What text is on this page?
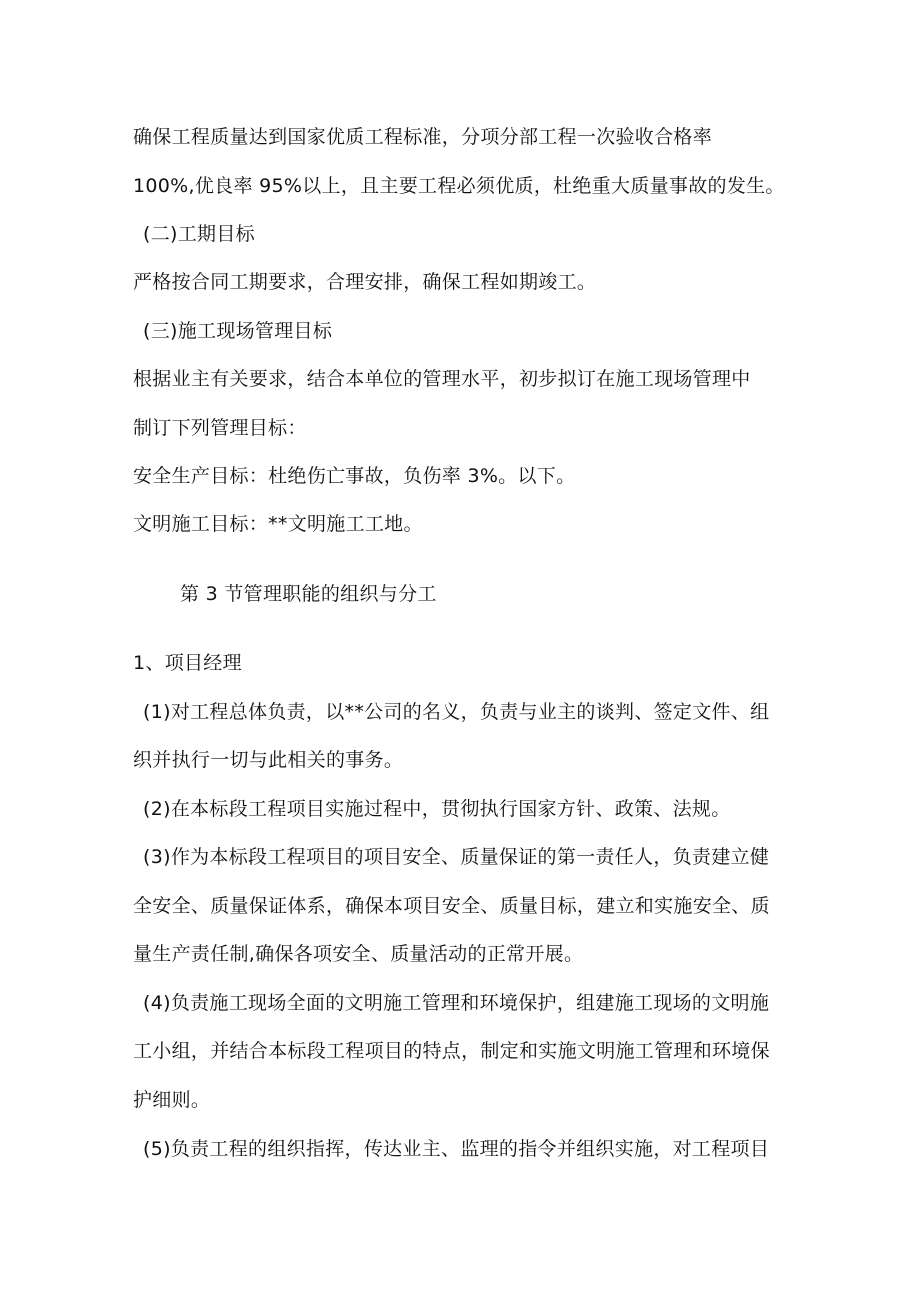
确保工程质量达到国家优质工程标准，分项分部工程一次验收合格率
100%,优良率 95%以上，且主要工程必须优质，杜绝重大质量事故的发生。
(二)工期目标
严格按合同工期要求，合理安排，确保工程如期竣工。
(三)施工现场管理目标
根据业主有关要求，结合本单位的管理水平，初步拟订在施工现场管理中
制订下列管理目标：
安全生产目标：杜绝伤亡事故，负伤率 3%。以下。
文明施工目标：**文明施工工地。
第 3 节管理职能的组织与分工
1、项目经理
(1)对工程总体负责，以**公司的名义，负责与业主的谈判、签定文件、组
织并执行一切与此相关的事务。
(2)在本标段工程项目实施过程中，贯彻执行国家方针、政策、法规。
(3)作为本标段工程项目的项目安全、质量保证的第一责任人，负责建立健
全安全、质量保证体系，确保本项目安全、质量目标，建立和实施安全、质
量生产责任制,确保各项安全、质量活动的正常开展。
(4)负责施工现场全面的文明施工管理和环境保护，组建施工现场的文明施
工小组，并结合本标段工程项目的特点，制定和实施文明施工管理和环境保
护细则。
(5)负责工程的组织指挥，传达业主、监理的指令并组织实施，对工程项目
